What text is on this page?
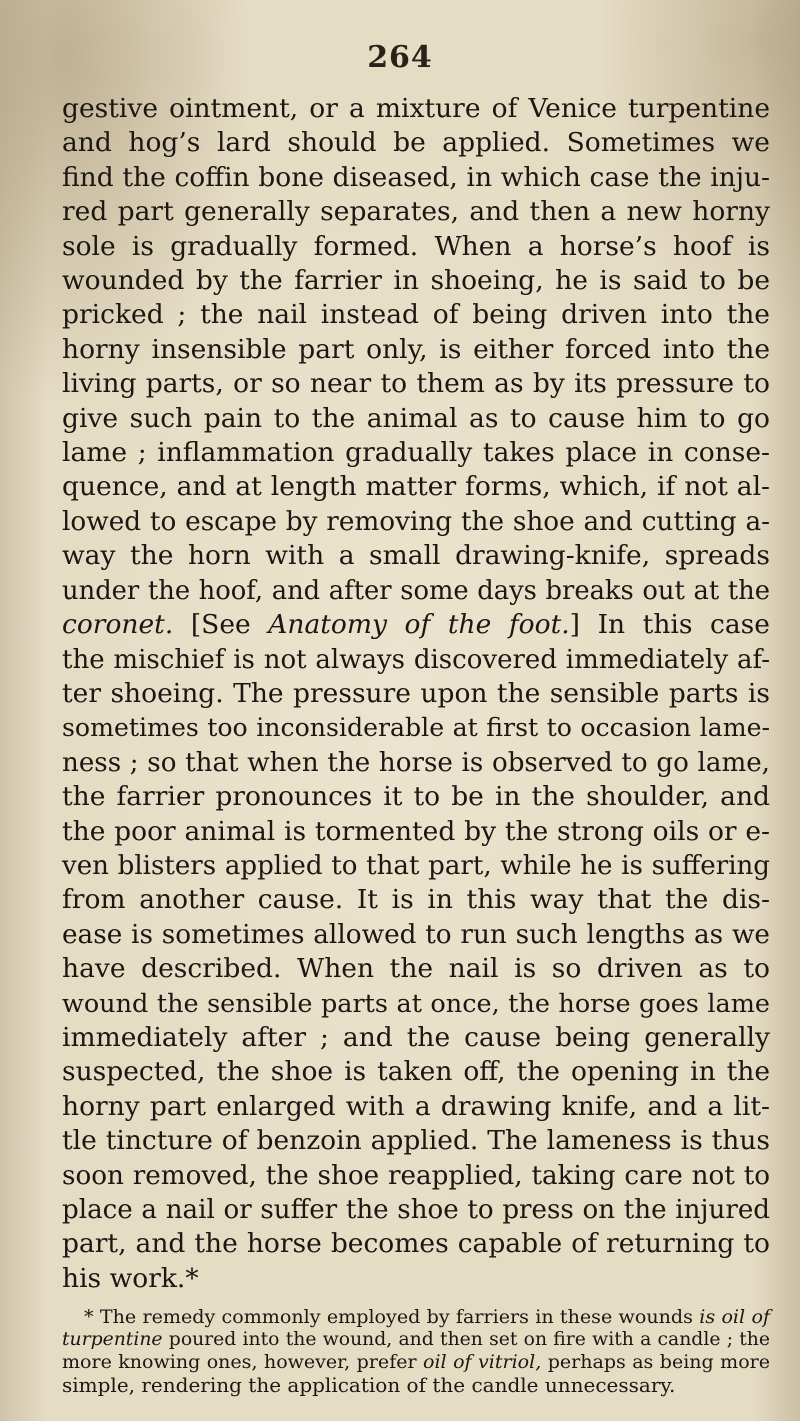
264
gestive ointment, or a mixture of Venice turpentine
and hog’s lard should be applied. Sometimes we
find the coffin bone diseased, in which case the inju-
red part generally separates, and then a new horny
sole is gradually formed. When a horse’s hoof is
wounded by the farrier in shoeing, he is said to be
pricked ; the nail instead of being driven into the
horny insensible part only, is either forced into the
living parts, or so near to them as by its pressure to
give such pain to the animal as to cause him to go
lame ; inflammation gradually takes place in conse-
quence, and at length matter forms, which, if not al-
lowed to escape by removing the shoe and cutting a-
way the horn with a small drawing-knife, spreads
under the hoof, and after some days breaks out at the
coronet. [See Anatomy of the foot.] In this case
the mischief is not always discovered immediately af-
ter shoeing. The pressure upon the sensible parts is
sometimes too inconsiderable at first to occasion lame-
ness ; so that when the horse is observed to go lame,
the farrier pronounces it to be in the shoulder, and
the poor animal is tormented by the strong oils or e-
ven blisters applied to that part, while he is suffering
from another cause. It is in this way that the dis-
ease is sometimes allowed to run such lengths as we
have described. When the nail is so driven as to
wound the sensible parts at once, the horse goes lame
immediately after ; and the cause being generally
suspected, the shoe is taken off, the opening in the
horny part enlarged with a drawing knife, and a lit-
tle tincture of benzoin applied. The lameness is thus
soon removed, the shoe reapplied, taking care not to
place a nail or suffer the shoe to press on the injured
part, and the horse becomes capable of returning to
his work.*
* The remedy commonly employed by farriers in these wounds is oil of
turpentine poured into the wound, and then set on fire with a candle ; the
more knowing ones, however, prefer oil of vitriol, perhaps as being more
simple, rendering the application of the candle unnecessary.
